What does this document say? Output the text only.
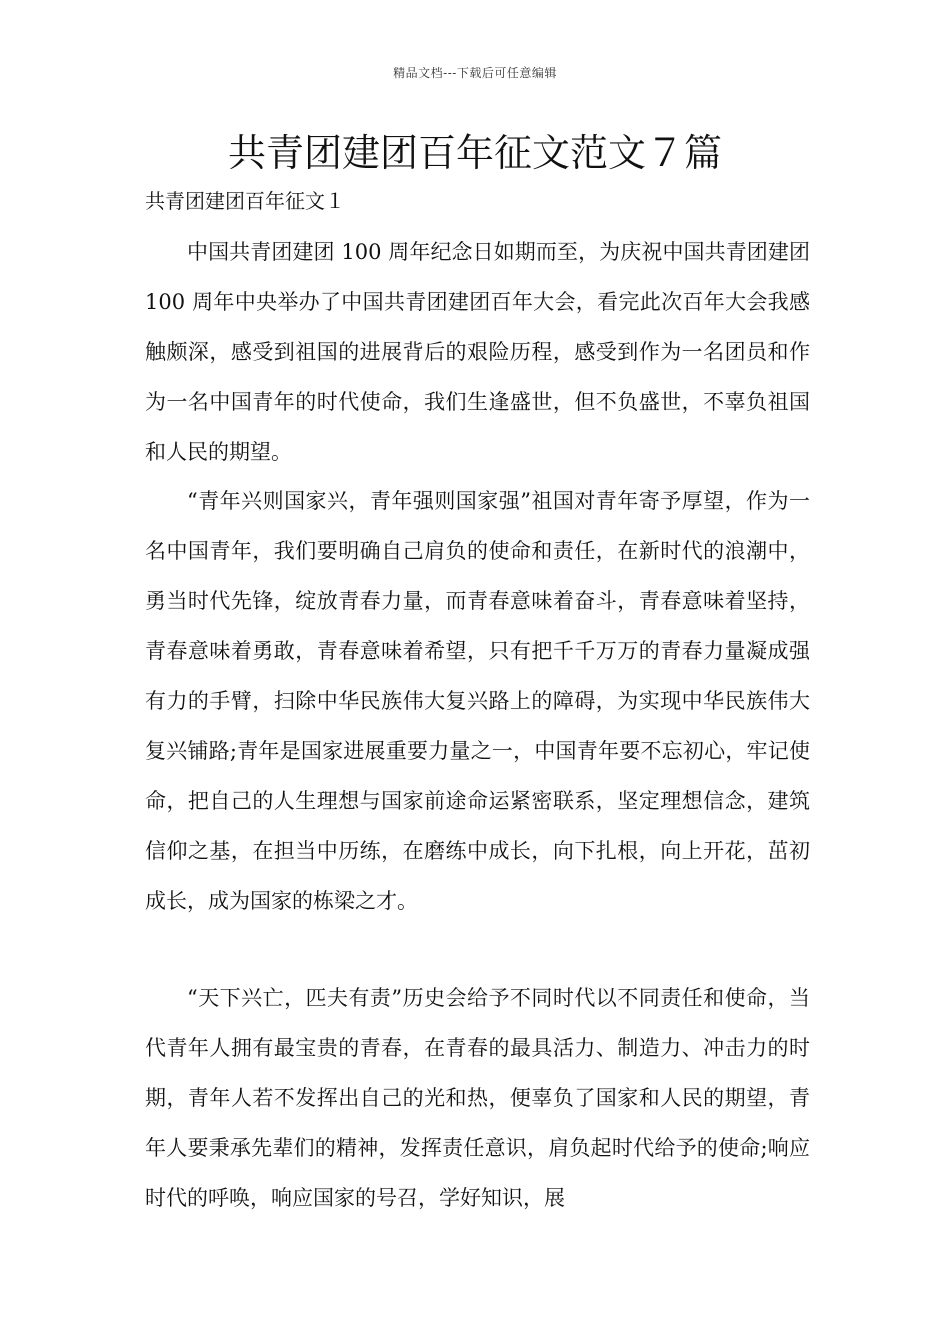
精品文档---下载后可任意编辑
共青团建团百年征文范文７篇
共青团建团百年征文１

中国共青团建团 100 周年纪念日如期而至，为庆祝中国共青团建团 100 周年中央举办了中国共青团建团百年大会，看完此次百年大会我感触颇深，感受到祖国的进展背后的艰险历程，感受到作为一名团员和作为一名中国青年的时代使命，我们生逢盛世，但不负盛世，不辜负祖国和人民的期望。

“青年兴则国家兴，青年强则国家强”祖国对青年寄予厚望，作为一名中国青年，我们要明确自己肩负的使命和责任，在新时代的浪潮中，勇当时代先锋，绽放青春力量，而青春意味着奋斗，青春意味着坚持，青春意味着勇敢，青春意味着希望，只有把千千万万的青春力量凝成强有力的手臂，扫除中华民族伟大复兴路上的障碍，为实现中华民族伟大复兴铺路;青年是国家进展重要力量之一，中国青年要不忘初心，牢记使命，把自己的人生理想与国家前途命运紧密联系，坚定理想信念，建筑信仰之基，在担当中历练，在磨练中成长，向下扎根，向上开花，茁初成长，成为国家的栋梁之才。

“天下兴亡，匹夫有责”历史会给予不同时代以不同责任和使命，当代青年人拥有最宝贵的青春，在青春的最具活力、制造力、冲击力的时期，青年人若不发挥出自己的光和热，便辜负了国家和人民的期望，青年人要秉承先辈们的精神，发挥责任意识，肩负起时代给予的使命;响应时代的呼唤，响应国家的号召，学好知识，展
